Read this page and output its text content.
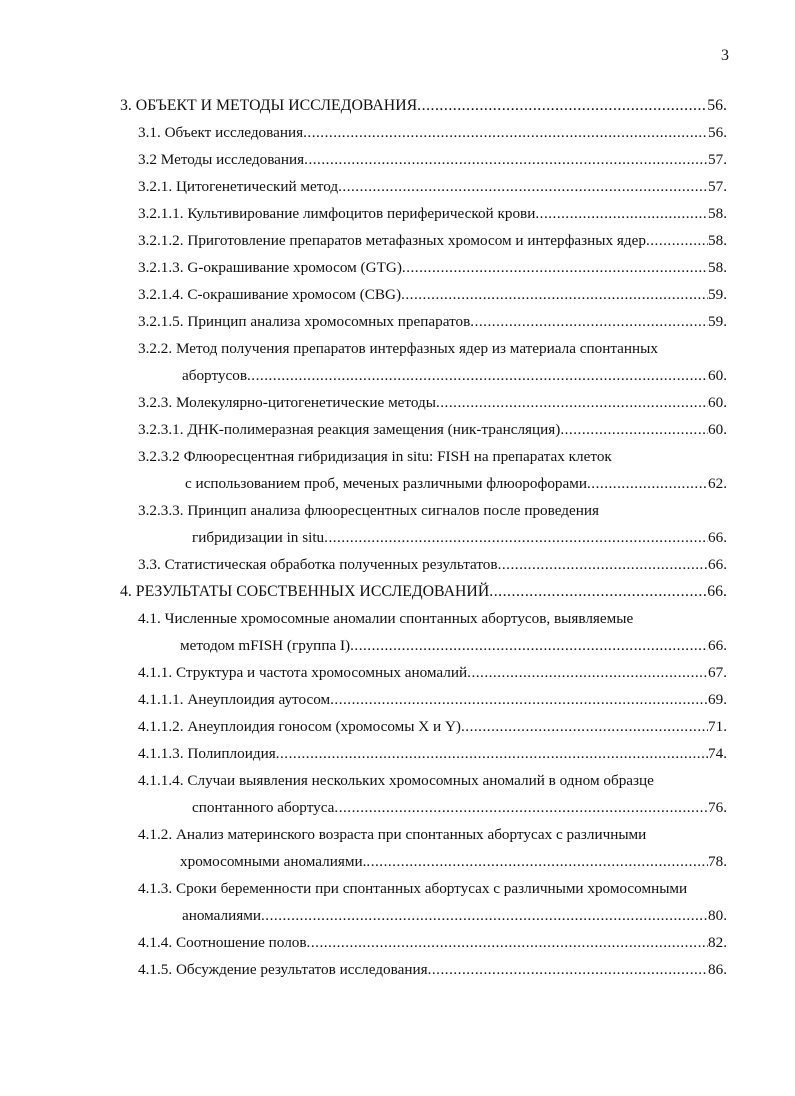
3
3. ОБЪЕКТ И МЕТОДЫ ИССЛЕДОВАНИЯ .....	56.
3.1. Объект исследования .....	56.
3.2 Методы исследования .....	57.
3.2.1. Цитогенетический метод .....	57.
3.2.1.1. Культивирование лимфоцитов периферической крови .....	58.
3.2.1.2. Приготовление препаратов метафазных хромосом и интерфазных ядер .....	58.
3.2.1.3. G-окрашивание хромосом (GTG) .....	58.
3.2.1.4. С-окрашивание хромосом (CBG) .....	59.
3.2.1.5. Принцип анализа хромосомных препаратов .....	59.
3.2.2. Метод получения препаратов интерфазных ядер из материала спонтанных
абортусов .....	60.
3.2.3. Молекулярно-цитогенетические методы .....	60.
3.2.3.1. ДНК-полимеразная реакция замещения (ник-трансляция) .....	60.
3.2.3.2 Флюоресцентная гибридизация in situ: FISH на препаратах клеток
с использованием проб, меченых различными флюорофорами .....	62.
3.2.3.3. Принцип анализа флюоресцентных сигналов после проведения
гибридизации in situ .....	66.
3.3. Статистическая обработка полученных результатов .....	66.
4. РЕЗУЛЬТАТЫ СОБСТВЕННЫХ ИССЛЕДОВАНИЙ .....	66.
4.1. Численные хромосомные аномалии спонтанных абортусов, выявляемые
методом mFISH (группа I) .....	66.
4.1.1. Структура и частота хромосомных аномалий .....	67.
4.1.1.1. Анеуплоидия аутосом .....	69.
4.1.1.2. Анеуплоидия гоносом (хромосомы X и Y) .....	71.
4.1.1.3. Полиплоидия .....	74.
4.1.1.4. Случаи выявления нескольких хромосомных аномалий в одном образце
спонтанного абортуса .....	76.
4.1.2. Анализ материнского возраста при спонтанных абортусах с различными
хромосомными аномалиями. .....	78.
4.1.3. Сроки беременности при спонтанных абортусах с различными хромосомными
аномалиями .....	80.
4.1.4. Соотношение полов .....	82.
4.1.5. Обсуждение результатов исследования .....	86.
